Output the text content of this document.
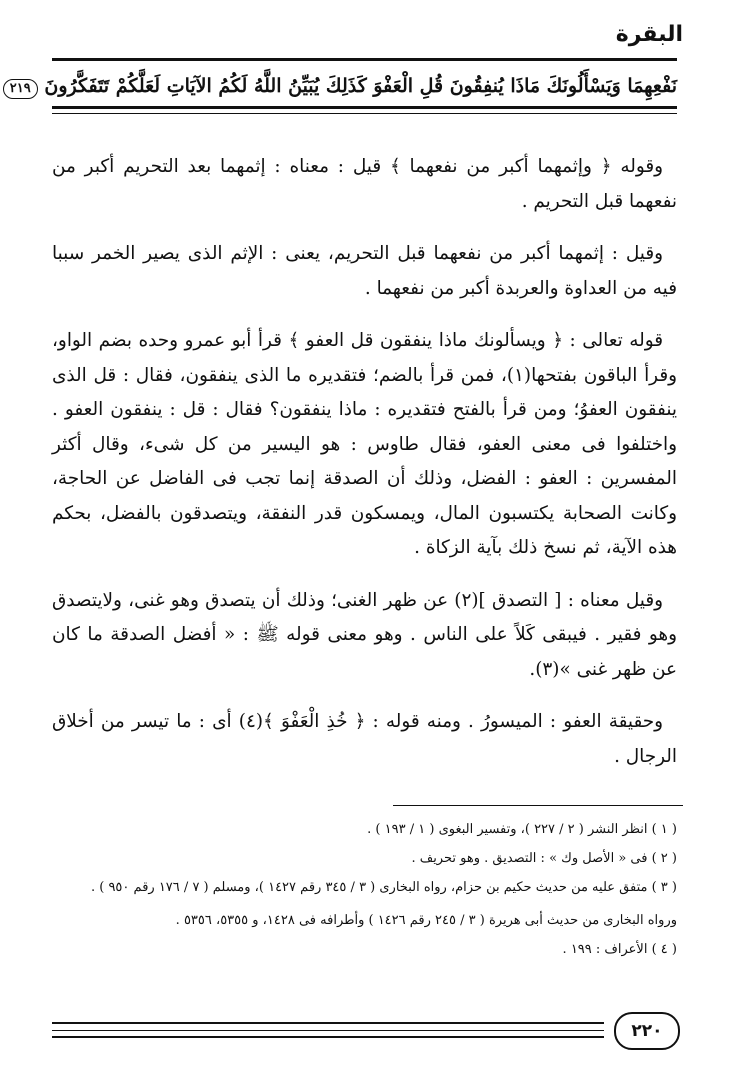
البقرة
نَفْعِهِمَا وَيَسْأَلُونَكَ مَاذَا يُنفِقُونَ قُلِ الْعَفْوَ كَذَلِكَ يُبَيِّنُ اللَّهُ لَكُمُ الآيَاتِ لَعَلَّكُمْ تَتَفَكَّرُونَ ٢١٩

وقوله ﴿ وإثمهما أكبر من نفعهما ﴾ قيل : معناه : إثمهما بعد التحريم أكبر من نفعهما قبل التحريم .

وقيل : إثمهما أكبر من نفعهما قبل التحريم، يعنى : الإثم الذى يصير الخمر سببا فيه من العداوة والعربدة أكبر من نفعهما .

قوله تعالى : ﴿ ويسألونك ماذا ينفقون قل العفو ﴾ قرأ أبو عمرو وحده بضم الواو، وقرأ الباقون بفتحها(١)، فمن قرأ بالضم؛ فتقديره ما الذى ينفقون، فقال : قل الذى ينفقون العفوُ؛ ومن قرأ بالفتح فتقديره : ماذا ينفقون؟ فقال : قل : ينفقون العفو . واختلفوا فى معنى العفو، فقال طاوس : هو اليسير من كل شىء، وقال أكثر المفسرين : العفو : الفضل، وذلك أن الصدقة إنما تجب فى الفاضل عن الحاجة، وكانت الصحابة يكتسبون المال، ويمسكون قدر النفقة، ويتصدقون بالفضل، بحكم هذه الآية، ثم نسخ ذلك بآية الزكاة .

وقيل معناه : [ التصدق ](٢) عن ظهر الغنى؛ وذلك أن يتصدق وهو غنى، ولايتصدق وهو فقير . فيبقى كَلاً على الناس . وهو معنى قوله ﷺ : « أفضل الصدقة ما كان عن ظهر غنى »(٣).

وحقيقة العفو : الميسورُ . ومنه قوله : ﴿ خُذِ الْعَفْوَ ﴾(٤) أى : ما تيسر من أخلاق الرجال .

( ١ ) انظر النشر ( ٢ / ٢٢٧ )، وتفسير البغوى ( ١ / ١٩٣ ) .

( ٢ ) فى « الأصل وك » : التصديق . وهو تحريف .

( ٣ ) متفق عليه من حديث حكيم بن حزام، رواه البخارى ( ٣ / ٣٤٥ رقم ١٤٢٧ )، ومسلم ( ٧ / ١٧٦ رقم ٩٥٠ ) .

ورواه البخارى من حديث أبى هريرة ( ٣ / ٢٤٥ رقم ١٤٢٦ ) وأطرافه فى ١٤٢٨، و ٥٣٥٥، ٥٣٥٦ .

( ٤ ) الأعراف : ١٩٩ .

٢٢٠
